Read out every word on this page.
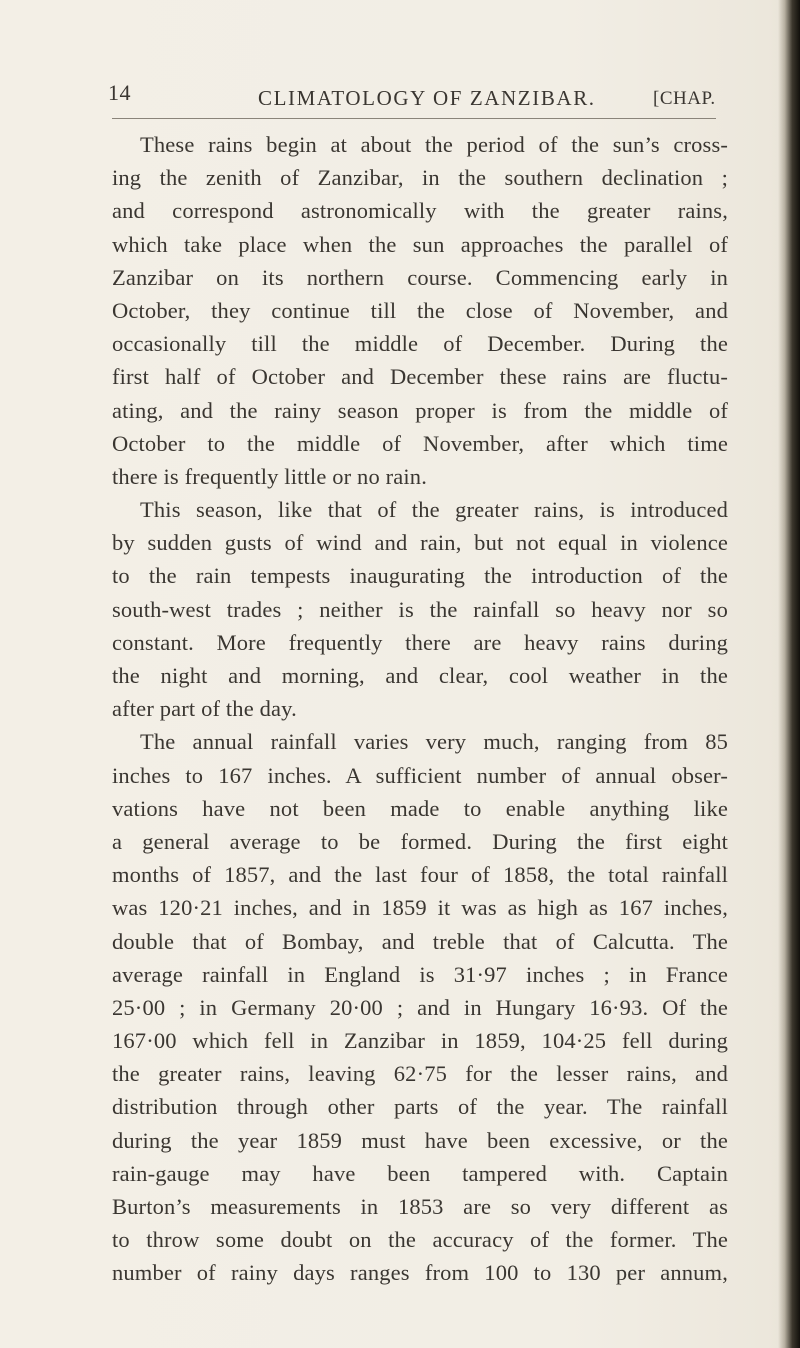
14	CLIMATOLOGY OF ZANZIBAR.	[CHAP.
These rains begin at about the period of the sun’s cross-
ing the zenith of Zanzibar, in the southern declination ;
and correspond astronomically with the greater rains,
which take place when the sun approaches the parallel of
Zanzibar on its northern course. Commencing early in
October, they continue till the close of November, and
occasionally till the middle of December. During the
first half of October and December these rains are fluctu-
ating, and the rainy season proper is from the middle of
October to the middle of November, after which time
there is frequently little or no rain.
This season, like that of the greater rains, is introduced
by sudden gusts of wind and rain, but not equal in violence
to the rain tempests inaugurating the introduction of the
south-west trades ; neither is the rainfall so heavy nor so
constant. More frequently there are heavy rains during
the night and morning, and clear, cool weather in the
after part of the day.
The annual rainfall varies very much, ranging from 85
inches to 167 inches. A sufficient number of annual obser-
vations have not been made to enable anything like
a general average to be formed. During the first eight
months of 1857, and the last four of 1858, the total rainfall
was 120·21 inches, and in 1859 it was as high as 167 inches,
double that of Bombay, and treble that of Calcutta. The
average rainfall in England is 31·97 inches ; in France
25·00 ; in Germany 20·00 ; and in Hungary 16·93. Of the
167·00 which fell in Zanzibar in 1859, 104·25 fell during
the greater rains, leaving 62·75 for the lesser rains, and
distribution through other parts of the year. The rainfall
during the year 1859 must have been excessive, or the
rain-gauge may have been tampered with. Captain
Burton’s measurements in 1853 are so very different as
to throw some doubt on the accuracy of the former. The
number of rainy days ranges from 100 to 130 per annum,
